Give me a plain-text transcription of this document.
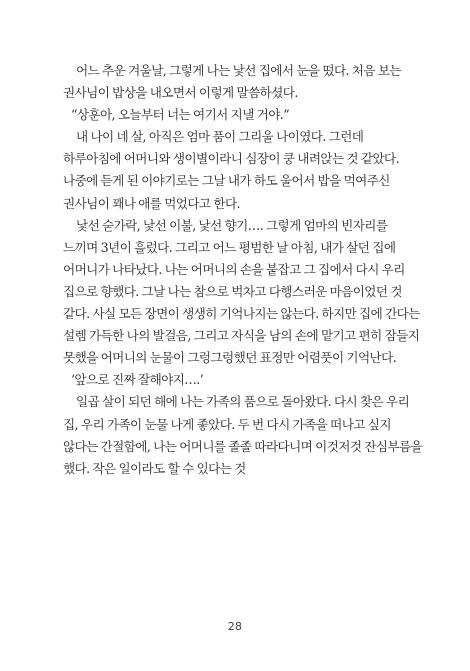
어느 추운 겨울날, 그렇게 나는 낯선 집에서 눈을 떴다. 처음 보는 권사님이 밥상을 내오면서 이렇게 말씀하셨다.

“상훈아, 오늘부터 너는 여기서 지낼 거야.”

내 나이 네 살, 아직은 엄마 품이 그리울 나이였다. 그런데 하루아침에 어머니와 생이별이라니 심장이 쿵 내려앉는 것 같았다. 나중에 듣게 된 이야기로는 그날 내가 하도 울어서 밥을 먹여주신 권사님이 꽤나 애를 먹었다고 한다.

낯선 숟가락, 낯선 이불, 낯선 향기…. 그렇게 엄마의 빈자리를 느끼며 3년이 흘렀다. 그리고 어느 평범한 날 아침, 내가 살던 집에 어머니가 나타났다. 나는 어머니의 손을 붙잡고 그 집에서 다시 우리 집으로 향했다. 그날 나는 참으로 벅차고 다행스러운 마음이었던 것 같다. 사실 모든 장면이 생생히 기억나지는 않는다. 하지만 집에 간다는 설렘 가득한 나의 발걸음, 그리고 자식을 남의 손에 맡기고 편히 잠들지 못했을 어머니의 눈물이 그렁그렁했던 표정만 어렴풋이 기억난다.

‘앞으로 진짜 잘해야지….’

일곱 살이 되던 해에 나는 가족의 품으로 돌아왔다. 다시 찾은 우리 집, 우리 가족이 눈물 나게 좋았다. 두 번 다시 가족을 떠나고 싶지 않다는 간절함에, 나는 어머니를 졸졸 따라다니며 이것저것 잔심부름을 했다. 작은 일이라도 할 수 있다는 것

28
